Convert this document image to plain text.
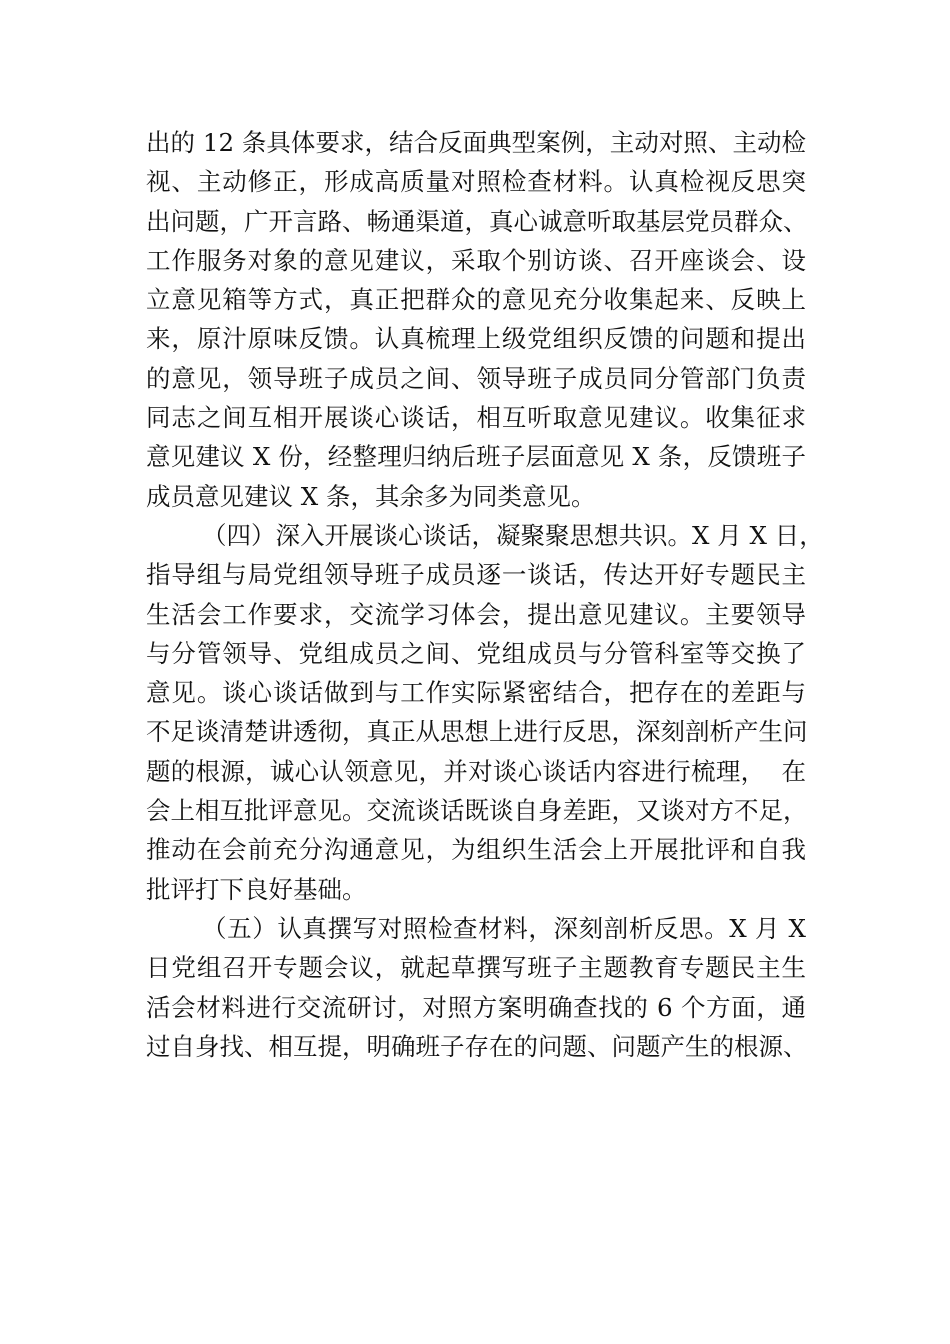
出的 12 条具体要求，结合反面典型案例，主动对照、主动检
视、主动修正，形成高质量对照检查材料。认真检视反思突
出问题，广开言路、畅通渠道，真心诚意听取基层党员群众、
工作服务对象的意见建议，采取个别访谈、召开座谈会、设
立意见箱等方式，真正把群众的意见充分收集起来、反映上
来，原汁原味反馈。认真梳理上级党组织反馈的问题和提出
的意见，领导班子成员之间、领导班子成员同分管部门负责
同志之间互相开展谈心谈话，相互听取意见建议。收集征求
意见建议 X 份，经整理归纳后班子层面意见 X 条，反馈班子
成员意见建议 X 条，其余多为同类意见。
（四）深入开展谈心谈话，凝聚聚思想共识。X 月 X 日，
指导组与局党组领导班子成员逐一谈话，传达开好专题民主
生活会工作要求，交流学习体会，提出意见建议。主要领导
与分管领导、党组成员之间、党组成员与分管科室等交换了
意见。谈心谈话做到与工作实际紧密结合，把存在的差距与
不足谈清楚讲透彻，真正从思想上进行反思，深刻剖析产生问
题的根源，诚心认领意见，并对谈心谈话内容进行梳理，  在
会上相互批评意见。交流谈话既谈自身差距，又谈对方不足，
推动在会前充分沟通意见，为组织生活会上开展批评和自我
批评打下良好基础。
（五）认真撰写对照检查材料，深刻剖析反思。X 月 X
日党组召开专题会议，就起草撰写班子主题教育专题民主生
活会材料进行交流研讨，对照方案明确查找的 6 个方面，通
过自身找、相互提，明确班子存在的问题、问题产生的根源、
